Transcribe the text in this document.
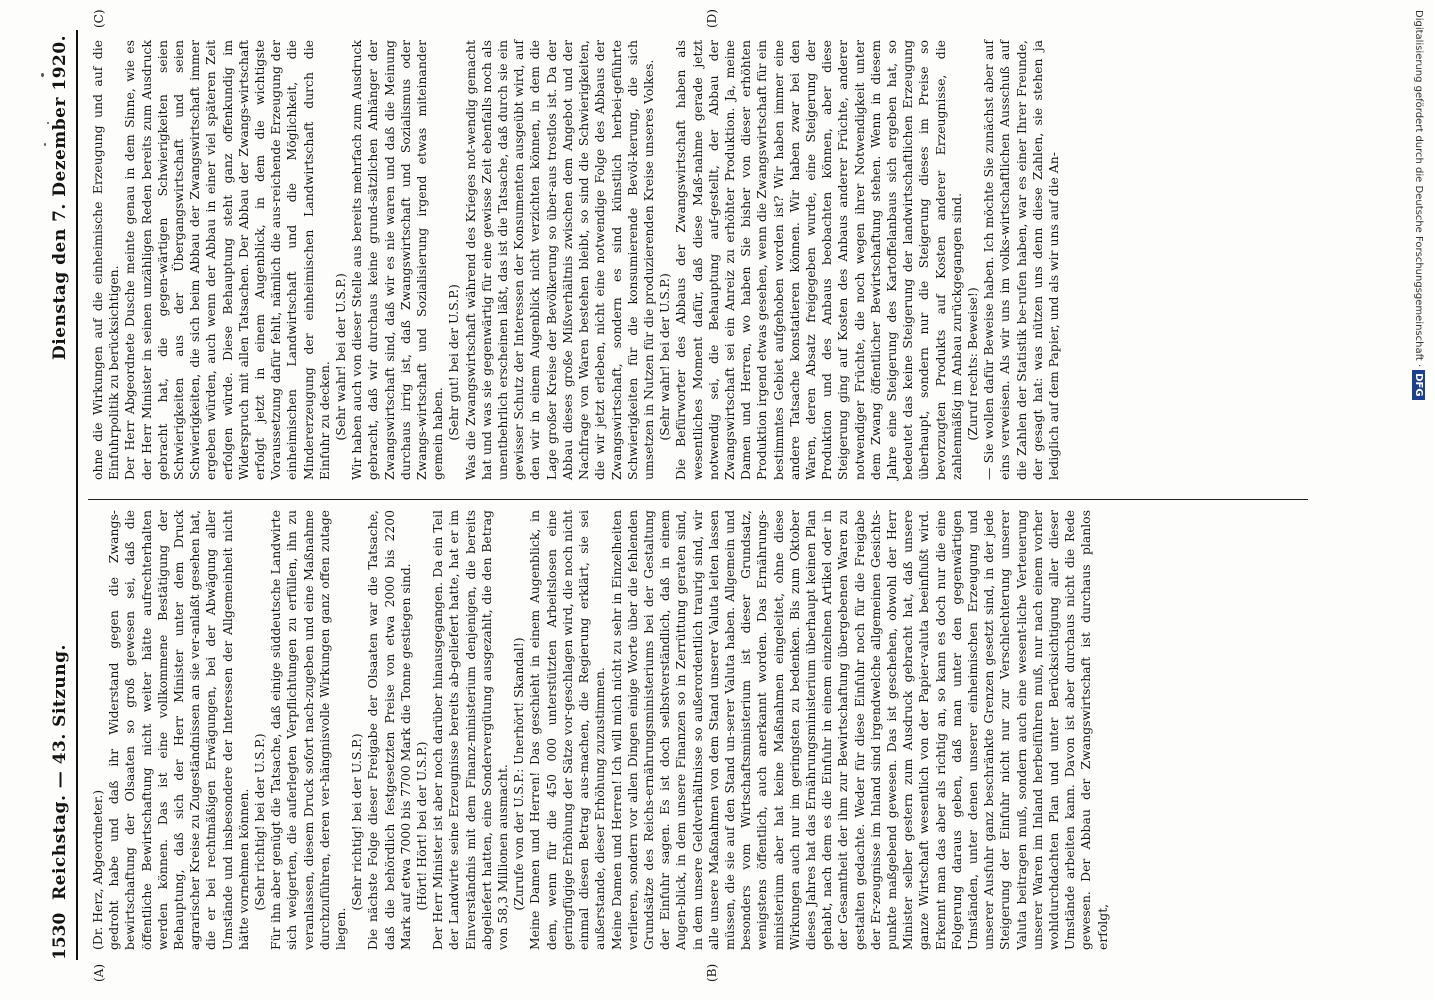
1530
Reichstag. — 43. Sitzung.
Dienstag den 7. Dezember 1920.
(A)	(B)
(C)	(D)
(Dr. Herz, Abgeordneter.)
gedroht habe und daß ihr Widerstand gegen die Zwangs-bewirtschaftung der Olsaaten so groß gewesen sei, daß die öffentliche Bewirtschaftung nicht weiter hätte aufrechterhalten werden können. Das ist eine vollkommene Bestätigung der Behauptung, daß sich der Herr Minister unter dem Druck agrarischer Kreise zu Zugeständnissen an sie ver-anlaßt gesehen hat, die er bei rechtmäßigen Erwägungen, bei der Abwägung aller Umstände und insbesondere der Interessen der Allgemeinheit nicht hätte vornehmen können.
(Sehr richtig! bei der U.S.P.)
Für ihn aber genügt die Tatsache, daß einige süddeutsche Landwirte sich weigerten, die auferlegten Verpflichtungen zu erfüllen, ihn zu veranlassen, diesem Druck sofort nach-zugeben und eine Maßnahme durchzuführen, deren ver-hängnisvolle Wirkungen ganz offen zutage liegen.
(Sehr richtig! bei der U.S.P.)
Die nächste Folge dieser Freigabe der Olsaaten war die Tatsache, daß die behördlich festgesetzten Preise von etwa 2000 bis 2200 Mark auf etwa 7000 bis 7700 Mark die Tonne gestiegen sind.
(Hört! Hört! bei der U.S.P.)
Der Herr Minister ist aber noch darüber hinausgegangen. Da ein Teil der Landwirte seine Erzeugnisse bereits ab-geliefert hatte, hat er im Einverständnis mit dem Finanz-ministerium denjenigen, die bereits abgeliefert hatten, eine Sondervergütung ausgezahlt, die den Betrag von 58,3 Millionen ausmacht.
(Zurufe von der U.S.P.: Unerhört! Skandal!)
Meine Damen und Herren! Das geschieht in einem Augenblick, in dem, wenn für die 450 000 unterstützten Arbeitslosen eine geringfügige Erhöhung der Sätze vor-geschlagen wird, die noch nicht einmal diesen Betrag aus-machen, die Regierung erklärt, sie sei außerstande, dieser Erhöhung zuzustimmen.
Meine Damen und Herren! Ich will mich nicht zu sehr in Einzelheiten verlieren, sondern vor allen Dingen einige Worte über die fehlenden Grundsätze des Reichs-ernährungsministeriums bei der Gestaltung der Einfuhr sagen. Es ist doch selbstverständlich, daß in einem Augen-blick, in dem unsere Finanzen so in Zerrüttung geraten sind, in dem unsere Geldverhältnisse so außerordentlich traurig sind, wir alle unsere Maßnahmen von dem Stand unserer Valuta leiten lassen müssen, die sie auf den Stand un-serer Valuta haben. Allgemein und besonders vom Wirtschaftsministerium ist dieser Grundsatz, wenigstens öffentlich, auch anerkannt worden. Das Ernährungs-ministerium aber hat keine Maßnahmen eingeleitet, ohne diese Wirkungen auch nur im geringsten zu bedenken. Bis zum Oktober dieses Jahres hat das Ernährungsministerium überhaupt keinen Plan gehabt, nach dem es die Einfuhr in einem einzelnen Artikel oder in der Gesamtheit der ihm zur Bewirtschaftung übergebenen Waren zu gestalten gedachte. Weder für diese Einfuhr noch für die Freigabe der Er-zeugnisse im Inland sind irgendwelche allgemeinen Gesichts-punkte maßgebend gewesen. Das ist geschehen, obwohl der Herr Minister selber gestern zum Ausdruck gebracht hat, daß unsere ganze Wirtschaft wesentlich von der Papier-valuta beeinflußt wird. Erkennt man das aber als richtig an, so kann es doch nur die eine Folgerung daraus geben, daß man unter den gegenwärtigen Umständen, unter denen unserer einheimischen Erzeugung und unserer Ausfuhr ganz beschränkte Grenzen gesetzt sind, in der jede Steigerung der Einfuhr nicht nur zur Verschlechterung unserer Valuta beitragen muß, sondern auch eine wesent-liche Verteuerung unserer Waren im Inland herbeiführen muß, nur nach einem vorher wohldurchdachten Plan und unter Berücksichtigung aller dieser Umstände arbeiten kann. Davon ist aber durchaus nicht die Rede gewesen. Der Abbau der Zwangswirtschaft ist durchaus planlos erfolgt,
ohne die Wirkungen auf die einheimische Erzeugung und auf die Einfuhrpolitik zu berücksichtigen.
Der Herr Abgeordnete Dusche meinte genau in dem Sinne, wie es der Herr Minister in seinen unzähligen Reden bereits zum Ausdruck gebracht hat, die gegen-wärtigen Schwierigkeiten seien Schwierigkeiten aus der Übergangswirtschaft und seien Schwierigkeiten, die sich beim Abbau der Zwangswirtschaft immer ergeben würden, auch wenn der Abbau in einer viel späteren Zeit erfolgen würde. Diese Behauptung steht ganz offenkundig im Widerspruch mit allen Tatsachen. Der Abbau der Zwangs-wirtschaft erfolgt jetzt in einem Augenblick, in dem die wichtigste Voraussetzung dafür fehlt, nämlich die aus-reichende Erzeugung der einheimischen Landwirtschaft und die Möglichkeit, die Mindererzeugung der einheimischen Landwirtschaft durch die Einfuhr zu decken.
(Sehr wahr! bei der U.S.P.)
Wir haben auch von dieser Stelle aus bereits mehrfach zum Ausdruck gebracht, daß wir durchaus keine grund-sätzlichen Anhänger der Zwangswirtschaft sind, daß wir es nie waren und daß die Meinung durchaus irrig ist, daß Zwangswirtschaft und Sozialismus oder Zwangs-wirtschaft und Sozialisierung irgend etwas miteinander gemein haben.
(Sehr gut! bei der U.S.P.)
Was die Zwangswirtschaft während des Krieges not-wendig gemacht hat und was sie gegenwärtig für eine gewisse Zeit ebenfalls noch als unentbehrlich erscheinen läßt, das ist die Tatsache, daß durch sie ein gewisser Schutz der Interessen der Konsumenten ausgeübt wird, auf den wir in einem Augenblick nicht verzichten können, in dem die Lage großer Kreise der Bevölkerung so über-aus trostlos ist. Da der Abbau dieses große Mißverhältnis zwischen dem Angebot und der Nachfrage von Waren bestehen bleibt, so sind die Schwierigkeiten, die wir jetzt erleben, nicht eine notwendige Folge des Abbaus der Zwangswirtschaft, sondern es sind künstlich herbei-geführte Schwierigkeiten für die konsumierende Bevöl-kerung, die sich umsetzen in Nutzen für die produzierenden Kreise unseres Volkes.
(Sehr wahr! bei der U.S.P.)
Die Befürworter des Abbaus der Zwangswirtschaft haben als wesentliches Moment dafür, daß diese Maß-nahme gerade jetzt notwendig sei, die Behauptung auf-gestellt, der Abbau der Zwangswirtschaft sei ein Anreiz zu erhöhter Produktion. Ja, meine Damen und Herren, wo haben Sie bisher von dieser erhöhten Produktion irgend etwas gesehen, wenn die Zwangswirtschaft für ein bestimmtes Gebiet aufgehoben worden ist? Wir haben immer eine andere Tatsache konstatieren können. Wir haben zwar bei den Waren, deren Absatz freigegeben wurde, eine Steigerung der Produktion und des Anbaus beobachten können, aber diese Steigerung ging auf Kosten des Anbaus anderer Früchte, anderer notwendiger Früchte, die noch wegen ihrer Notwendigkeit unter dem Zwang öffentlicher Bewirtschaftung stehen. Wenn in diesem Jahre eine Steigerung des Kartoffelanbaus sich ergeben hat, so bedeutet das keine Steigerung der landwirtschaftlichen Erzeugung überhaupt, sondern nur die Steigerung dieses im Preise so bevorzugten Produkts auf Kosten anderer Erzeugnisse, die zahlenmäßig im Anbau zurückgegangen sind.
(Zuruf rechts: Beweise!)
— Sie wollen dafür Beweise haben. Ich möchte Sie zunächst aber auf eins verweisen. Als wir uns im volks-wirtschaftlichen Ausschuß auf die Zahlen der Statistik be-rufen haben, war es einer Ihrer Freunde, der gesagt hat: was nützen uns denn diese Zahlen, sie stehen ja lediglich auf dem Papier, und als wir uns auf die An-	Digitalisierung gefördert durch die Deutsche Forschungsgemeinschaft ·DFG
